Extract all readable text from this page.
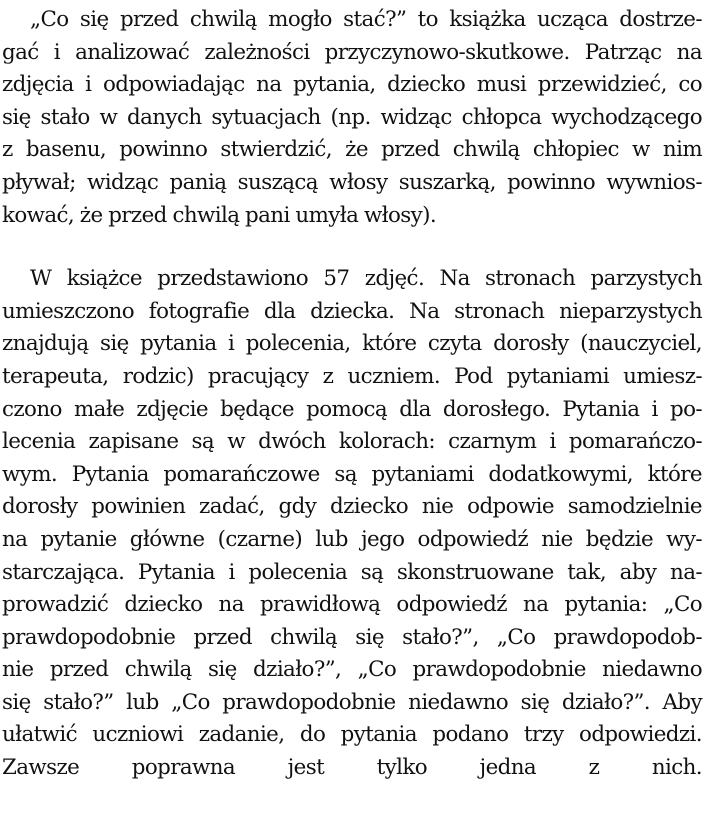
„Co się przed chwilą mogło stać?” to książka ucząca dostrze-
gać i analizować zależności przyczynowo-skutkowe. Patrząc na
zdjęcia i odpowiadając na pytania, dziecko musi przewidzieć, co
się stało w danych sytuacjach (np. widząc chłopca wychodzącego
z basenu, powinno stwierdzić, że przed chwilą chłopiec w nim
pływał; widząc panią suszącą włosy suszarką, powinno wywnios-
kować, że przed chwilą pani umyła włosy).
W książce przedstawiono 57 zdjęć. Na stronach parzystych
umieszczono fotografie dla dziecka. Na stronach nieparzystych
znajdują się pytania i polecenia, które czyta dorosły (nauczyciel,
terapeuta, rodzic) pracujący z uczniem. Pod pytaniami umiesz-
czono małe zdjęcie będące pomocą dla dorosłego. Pytania i po-
lecenia zapisane są w dwóch kolorach: czarnym i pomarańczo-
wym. Pytania pomarańczowe są pytaniami dodatkowymi, które
dorosły powinien zadać, gdy dziecko nie odpowie samodzielnie
na pytanie główne (czarne) lub jego odpowiedź nie będzie wy-
starczająca. Pytania i polecenia są skonstruowane tak, aby na-
prowadzić dziecko na prawidłową odpowiedź na pytania: „Co
prawdopodobnie przed chwilą się stało?”, „Co prawdopodob-
nie przed chwilą się działo?”, „Co prawdopodobnie niedawno
się stało?” lub „Co prawdopodobnie niedawno się działo?”. Aby
ułatwić uczniowi zadanie, do pytania podano trzy odpowiedzi.
Zawsze poprawna jest tylko jedna z nich.
